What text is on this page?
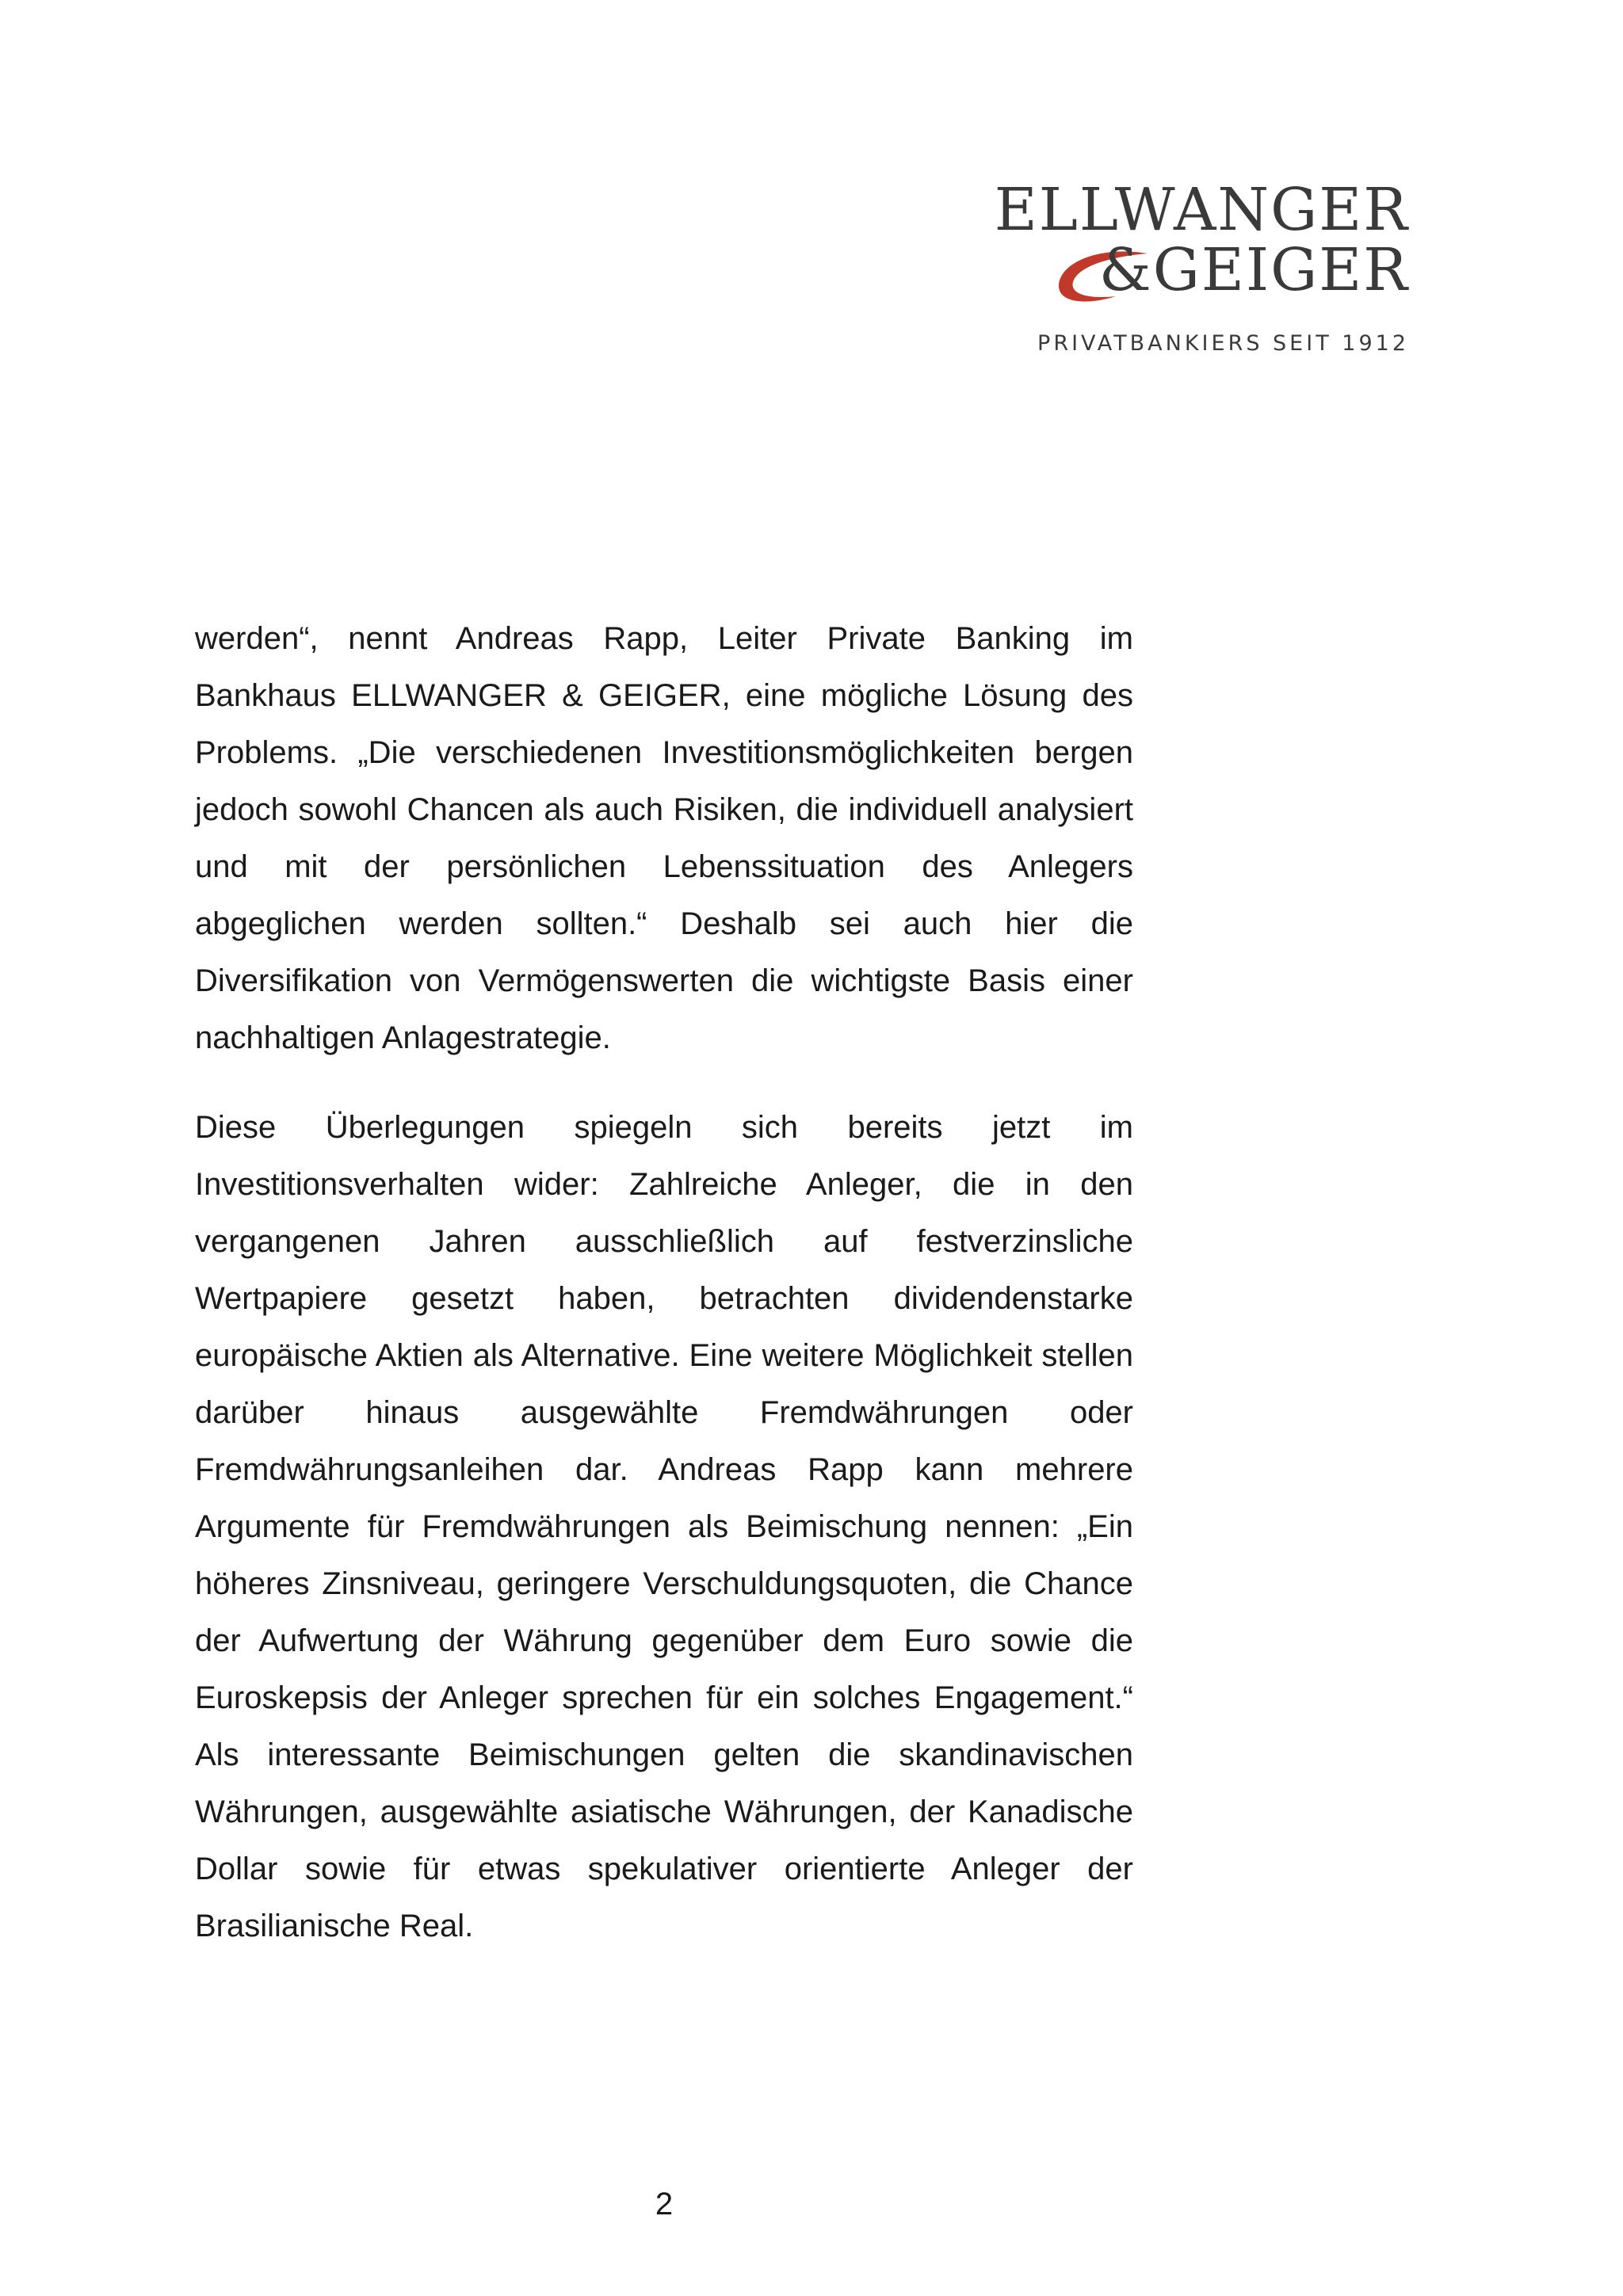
ELLWANGER
&GEIGER
PRIVATBANKIERS SEIT 1912

werden“, nennt Andreas Rapp, Leiter Private Banking im Bankhaus ELLWANGER & GEIGER, eine mögliche Lösung des Problems. „Die verschiedenen Investitionsmöglichkeiten bergen jedoch sowohl Chancen als auch Risiken, die individuell analysiert und mit der persönlichen Lebenssituation des Anlegers abgeglichen werden sollten.“ Deshalb sei auch hier die Diversifikation von Vermögenswerten die wichtigste Basis einer nachhaltigen Anlagestrategie.

Diese Überlegungen spiegeln sich bereits jetzt im Investitionsverhalten wider: Zahlreiche Anleger, die in den vergangenen Jahren ausschließlich auf festverzinsliche Wertpapiere gesetzt haben, betrachten dividendenstarke europäische Aktien als Alternative. Eine weitere Möglichkeit stellen darüber hinaus ausgewählte Fremdwährungen oder Fremdwährungsanleihen dar. Andreas Rapp kann mehrere Argumente für Fremdwährungen als Beimischung nennen: „Ein höheres Zinsniveau, geringere Verschuldungsquoten, die Chance der Aufwertung der Währung gegenüber dem Euro sowie die Euroskepsis der Anleger sprechen für ein solches Engagement.“ Als interessante Beimischungen gelten die skandinavischen Währungen, ausgewählte asiatische Währungen, der Kanadische Dollar sowie für etwas spekulativer orientierte Anleger der Brasilianische Real.

2
